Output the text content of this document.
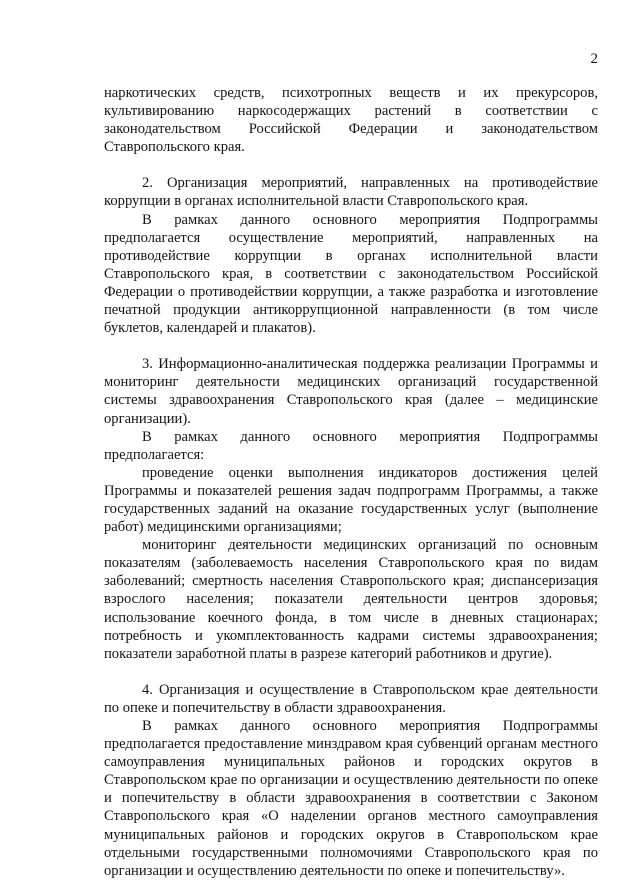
2

наркотических средств, психотропных веществ и их прекурсоров, культивированию наркосодержащих растений в соответствии с законодательством Российской Федерации и законодательством Ставропольского края.

2. Организация мероприятий, направленных на противодействие коррупции в органах исполнительной власти Ставропольского края.

В рамках данного основного мероприятия Подпрограммы предполагается осуществление мероприятий, направленных на противодействие коррупции в органах исполнительной власти Ставропольского края, в соответствии с законодательством Российской Федерации о противодействии коррупции, а также разработка и изготовление печатной продукции антикоррупционной направленности (в том числе буклетов, календарей и плакатов).

3. Информационно-аналитическая поддержка реализации Программы и мониторинг деятельности медицинских организаций государственной системы здравоохранения Ставропольского края (далее – медицинские организации).

В рамках данного основного мероприятия Подпрограммы предполагается:

проведение оценки выполнения индикаторов достижения целей Программы и показателей решения задач подпрограмм Программы, а также государственных заданий на оказание государственных услуг (выполнение работ) медицинскими организациями;

мониторинг деятельности медицинских организаций по основным показателям (заболеваемость населения Ставропольского края по видам заболеваний; смертность населения Ставропольского края; диспансеризация взрослого населения; показатели деятельности центров здоровья; использование коечного фонда, в том числе в дневных стационарах; потребность и укомплектованность кадрами системы здравоохранения; показатели заработной платы в разрезе категорий работников и другие).

4. Организация и осуществление в Ставропольском крае деятельности по опеке и попечительству в области здравоохранения.

В рамках данного основного мероприятия Подпрограммы предполагается предоставление минздравом края субвенций органам местного самоуправления муниципальных районов и городских округов в Ставропольском крае по организации и осуществлению деятельности по опеке и попечительству в области здравоохранения в соответствии с Законом Ставропольского края «О наделении органов местного самоуправления муниципальных районов и городских округов в Ставропольском крае отдельными государственными полномочиями Ставропольского края по организации и осуществлению деятельности по опеке и попечительству».
